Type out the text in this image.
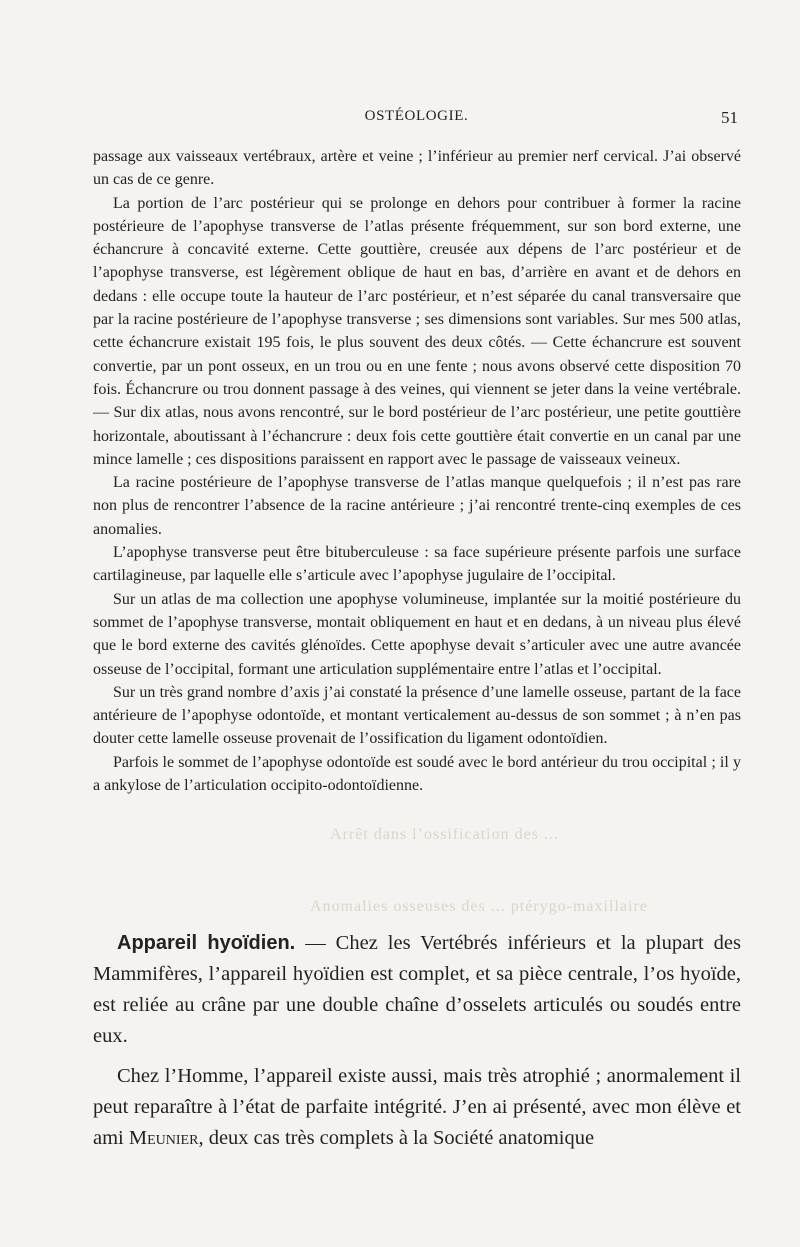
Arrêt dans l’ossification des ...
Anomalies osseuses des ... ptérygo-maxillaire
OSTÉOLOGIE.	51

passage aux vaisseaux vertébraux, artère et veine ; l’inférieur au premier nerf cervical. J’ai observé un cas de ce genre.

La portion de l’arc postérieur qui se prolonge en dehors pour contribuer à former la racine postérieure de l’apophyse transverse de l’atlas présente fréquemment, sur son bord externe, une échancrure à concavité externe. Cette gouttière, creusée aux dépens de l’arc postérieur et de l’apophyse transverse, est légèrement oblique de haut en bas, d’arrière en avant et de dehors en dedans : elle occupe toute la hauteur de l’arc postérieur, et n’est séparée du canal transversaire que par la racine postérieure de l’apophyse transverse ; ses dimensions sont variables. Sur mes 500 atlas, cette échancrure existait 195 fois, le plus souvent des deux côtés. — Cette échancrure est souvent convertie, par un pont osseux, en un trou ou en une fente ; nous avons observé cette disposition 70 fois. Échancrure ou trou donnent passage à des veines, qui viennent se jeter dans la veine vertébrale. — Sur dix atlas, nous avons rencontré, sur le bord postérieur de l’arc postérieur, une petite gouttière horizontale, aboutissant à l’échancrure : deux fois cette gouttière était convertie en un canal par une mince lamelle ; ces dispositions paraissent en rapport avec le passage de vaisseaux veineux.

La racine postérieure de l’apophyse transverse de l’atlas manque quelquefois ; il n’est pas rare non plus de rencontrer l’absence de la racine antérieure ; j’ai rencontré trente-cinq exemples de ces anomalies.

L’apophyse transverse peut être bituberculeuse : sa face supérieure présente parfois une surface cartilagineuse, par laquelle elle s’articule avec l’apophyse jugulaire de l’occipital.

Sur un atlas de ma collection une apophyse volumineuse, implantée sur la moitié postérieure du sommet de l’apophyse transverse, montait obliquement en haut et en dedans, à un niveau plus élevé que le bord externe des cavités glénoïdes. Cette apophyse devait s’articuler avec une autre avancée osseuse de l’occipital, formant une articulation supplémentaire entre l’atlas et l’occipital.

Sur un très grand nombre d’axis j’ai constaté la présence d’une lamelle osseuse, partant de la face antérieure de l’apophyse odontoïde, et montant verticalement au-dessus de son sommet ; à n’en pas douter cette lamelle osseuse provenait de l’ossification du ligament odontoïdien.

Parfois le sommet de l’apophyse odontoïde est soudé avec le bord antérieur du trou occipital ; il y a ankylose de l’articulation occipito-odontoïdienne.

Appareil hyoïdien. — Chez les Vertébrés inférieurs et la plupart des Mammifères, l’appareil hyoïdien est complet, et sa pièce centrale, l’os hyoïde, est reliée au crâne par une double chaîne d’osselets articulés ou soudés entre eux.

Chez l’Homme, l’appareil existe aussi, mais très atrophié ; anormalement il peut reparaître à l’état de parfaite intégrité. J’en ai présenté, avec mon élève et ami Meunier, deux cas très complets à la Société anatomique
